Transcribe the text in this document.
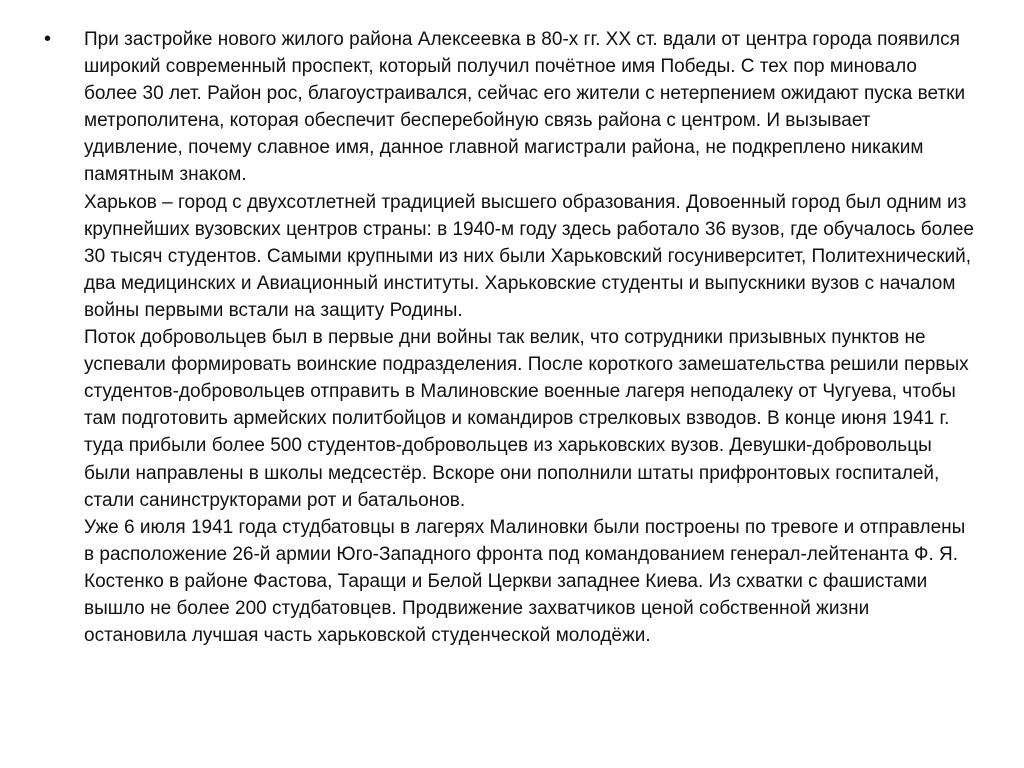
•	При застройке нового жилого района Алексеевка в 80-х гг. XX ст. вдали от центра города появился широкий современный проспект, который получил почётное имя Победы. С тех пор миновало более 30 лет. Район рос, благоустраивался, сейчас его жители с нетерпением ожидают пуска ветки метрополитена, которая обеспечит бесперебойную связь района с центром. И вызывает удивление, почему славное имя, данное главной магистрали района, не подкреплено никаким памятным знаком.

Харьков – город с двухсотлетней традицией высшего образования. Довоенный город был одним из крупнейших вузовских центров страны: в 1940-м году здесь работало 36 вузов, где обучалось более 30 тысяч студентов. Самыми крупными из них были Харьковский госуниверситет, Политехнический, два медицинских и Авиационный институты. Харьковские студенты и выпускники вузов с началом войны первыми встали на защиту Родины.

Поток добровольцев был в первые дни войны так велик, что сотрудники призывных пунктов не успевали формировать воинские подразделения. После короткого замешательства решили первых студентов-добровольцев отправить в Малиновские военные лагеря неподалеку от Чугуева, чтобы там подготовить армейских политбойцов и командиров стрелковых взводов. В конце июня 1941 г. туда прибыли более 500 студентов-добровольцев из харьковских вузов. Девушки-добровольцы были направлены в школы медсестёр. Вскоре они пополнили штаты прифронтовых госпиталей, стали санинструкторами рот и батальонов.

Уже 6 июля 1941 года студбатовцы в лагерях Малиновки были построены по тревоге и отправлены в расположение 26-й армии Юго-Западного фронта под командованием генерал-лейтенанта Ф. Я. Костенко в районе Фастова, Таращи и Белой Церкви западнее Киева. Из схватки с фашистами вышло не более 200 студбатовцев. Продвижение захватчиков ценой собственной жизни остановила лучшая часть харьковской студенческой молодёжи.
